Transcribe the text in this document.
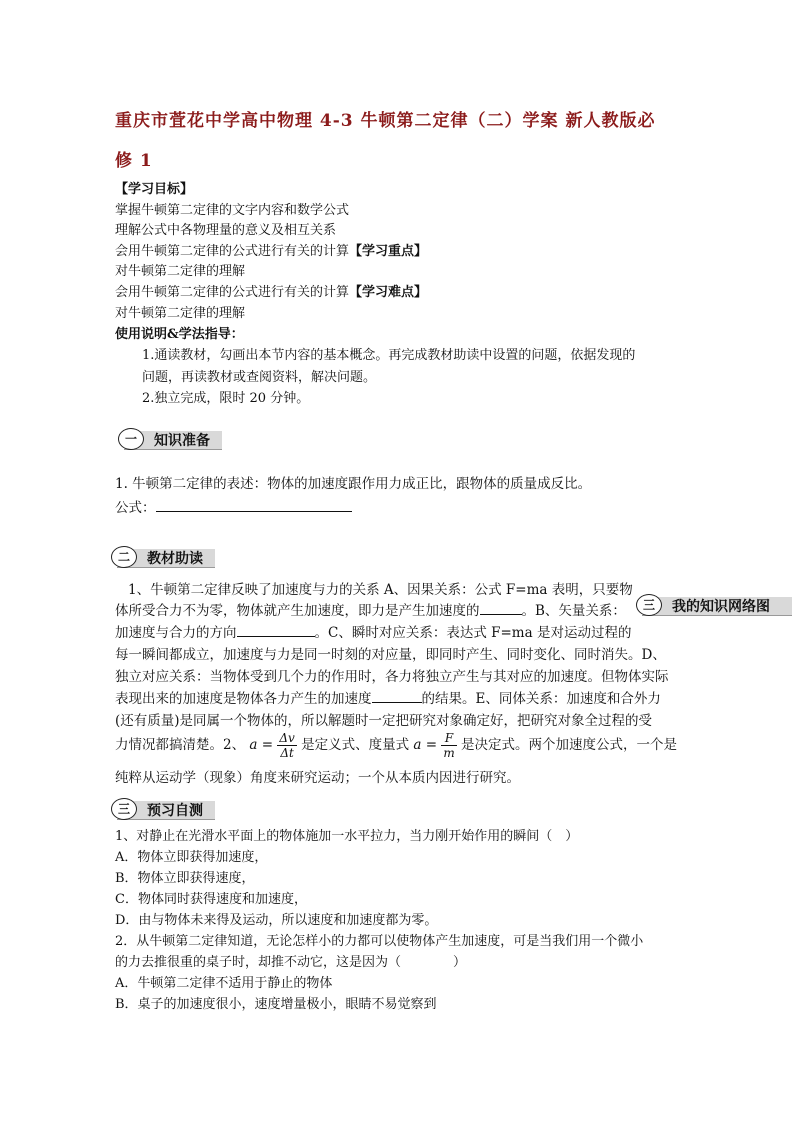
重庆市萓花中学高中物理 4-3 牛顿第二定律（二）学案 新人教版必
修 1
【学习目标】
掌握牛顿第二定律的文字内容和数学公式
理解公式中各物理量的意义及相互关系
会用牛顿第二定律的公式进行有关的计算【学习重点】
对牛顿第二定律的理解
会用牛顿第二定律的公式进行有关的计算【学习难点】
对牛顿第二定律的理解
使用说明&学法指导：
1.通读教材，勾画出本节内容的基本概念。再完成教材助读中设置的问题，依据发现的
问题，再读教材或查阅资料，解决问题。
2.独立完成，限时 20 分钟。
一	知识准备
1. 牛顿第二定律的表述：物体的加速度跟作用力成正比，跟物体的质量成反比。
公式：
二	教材助读
1、牛顿第二定律反映了加速度与力的关系 A、因果关系：公式 F=ma 表明，只要物
体所受合力不为零，物体就产生加速度，即力是产生加速度的	。B、矢量关系：
加速度与合力的方向	。C、瞬时对应关系：表达式 F=ma 是对运动过程的
每一瞬间都成立，加速度与力是同一时刻的对应量，即同时产生、同时变化、同时消失。D、
独立对应关系：当物体受到几个力的作用时，各力将独立产生与其对应的加速度。但物体实际
表现出来的加速度是物体各力产生的加速度	的结果。E、同体关系：加速度和合外力
(还有质量)是同属一个物体的，所以解题时一定把研究对象确定好，把研究对象全过程的受
力情况都搞清楚。2、 $a = \frac{\Delta v}{\Delta t}$ 是定义式、度量式 $a = \frac{F}{m}$ 是决定式。两个加速度公式，一个是
纯粹从运动学（现象）角度来研究运动；一个从本质内因进行研究。
三	我的知识网络图
三	预习自测
1、对静止在光滑水平面上的物体施加一水平拉力，当力刚开始作用的瞬间（　）
A．物体立即获得加速度，
B．物体立即获得速度，
C．物体同时获得速度和加速度，
D．由与物体未来得及运动，所以速度和加速度都为零。
2．从牛顿第二定律知道，无论怎样小的力都可以使物体产生加速度，可是当我们用一个微小
的力去推很重的桌子时，却推不动它，这是因为（　　　　）
A．牛顿第二定律不适用于静止的物体
B．桌子的加速度很小，速度增量极小，眼睛不易觉察到
